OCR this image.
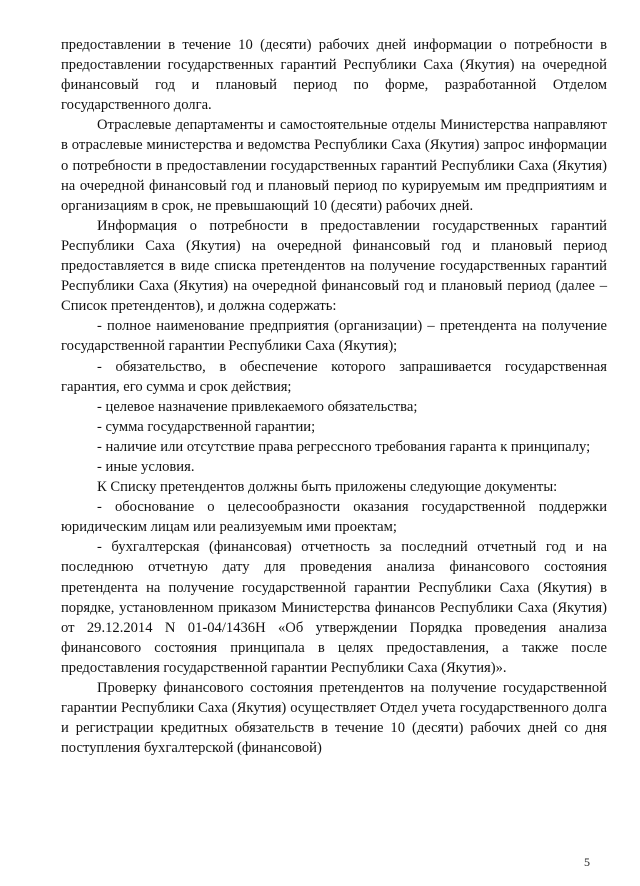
предоставлении в течение 10 (десяти) рабочих дней информации о потребности в предоставлении государственных гарантий Республики Саха (Якутия) на очередной финансовый год и плановый период по форме, разработанной Отделом государственного долга.

Отраслевые департаменты и самостоятельные отделы Министерства направляют в отраслевые министерства и ведомства Республики Саха (Якутия) запрос информации о потребности в предоставлении государственных гарантий Республики Саха (Якутия) на очередной финансовый год и плановый период по курируемым им предприятиям и организациям в срок, не превышающий 10 (десяти) рабочих дней.

Информация о потребности в предоставлении государственных гарантий Республики Саха (Якутия) на очередной финансовый год и плановый период предоставляется в виде списка претендентов на получение государственных гарантий Республики Саха (Якутия) на очередной финансовый год и плановый период (далее – Список претендентов), и должна содержать:

- полное наименование предприятия (организации) – претендента на получение государственной гарантии Республики Саха (Якутия);

- обязательство, в обеспечение которого запрашивается государственная гарантия, его сумма и срок действия;

- целевое назначение привлекаемого обязательства;

- сумма государственной гарантии;

- наличие или отсутствие права регрессного требования гаранта к принципалу;

- иные условия.

К Списку претендентов должны быть приложены следующие документы:

- обоснование о целесообразности оказания государственной поддержки юридическим лицам или реализуемым ими проектам;

- бухгалтерская (финансовая) отчетность за последний отчетный год и на последнюю отчетную дату для проведения анализа финансового состояния претендента на получение государственной гарантии Республики Саха (Якутия) в порядке, установленном приказом Министерства финансов Республики Саха (Якутия) от 29.12.2014 N 01-04/1436Н «Об утверждении Порядка проведения анализа финансового состояния принципала в целях предоставления, а также после предоставления государственной гарантии Республики Саха (Якутия)».

Проверку финансового состояния претендентов на получение государственной гарантии Республики Саха (Якутия) осуществляет Отдел учета государственного долга и регистрации кредитных обязательств в течение 10 (десяти) рабочих дней со дня поступления бухгалтерской (финансовой)

5
